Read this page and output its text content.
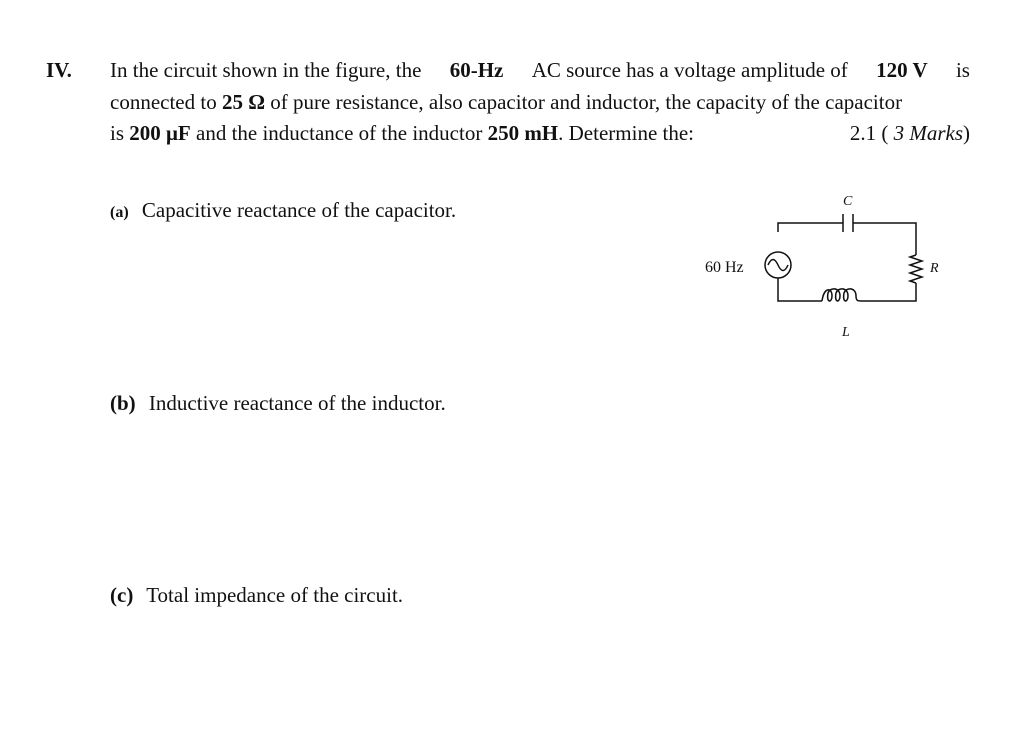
IV. In the circuit shown in the figure, the 60-Hz AC source has a voltage amplitude of 120 V is
connected to 25 Ω of pure resistance, also capacitor and inductor, the capacity of the capacitor
is 200 μF and the inductance of the inductor 250 mH. Determine the:	2.1 ( 3 Marks)
(a) Capacitive reactance of the capacitor.
(b) Inductive reactance of the inductor.
(c) Total impedance of the circuit.
60 Hz
C
R
L
